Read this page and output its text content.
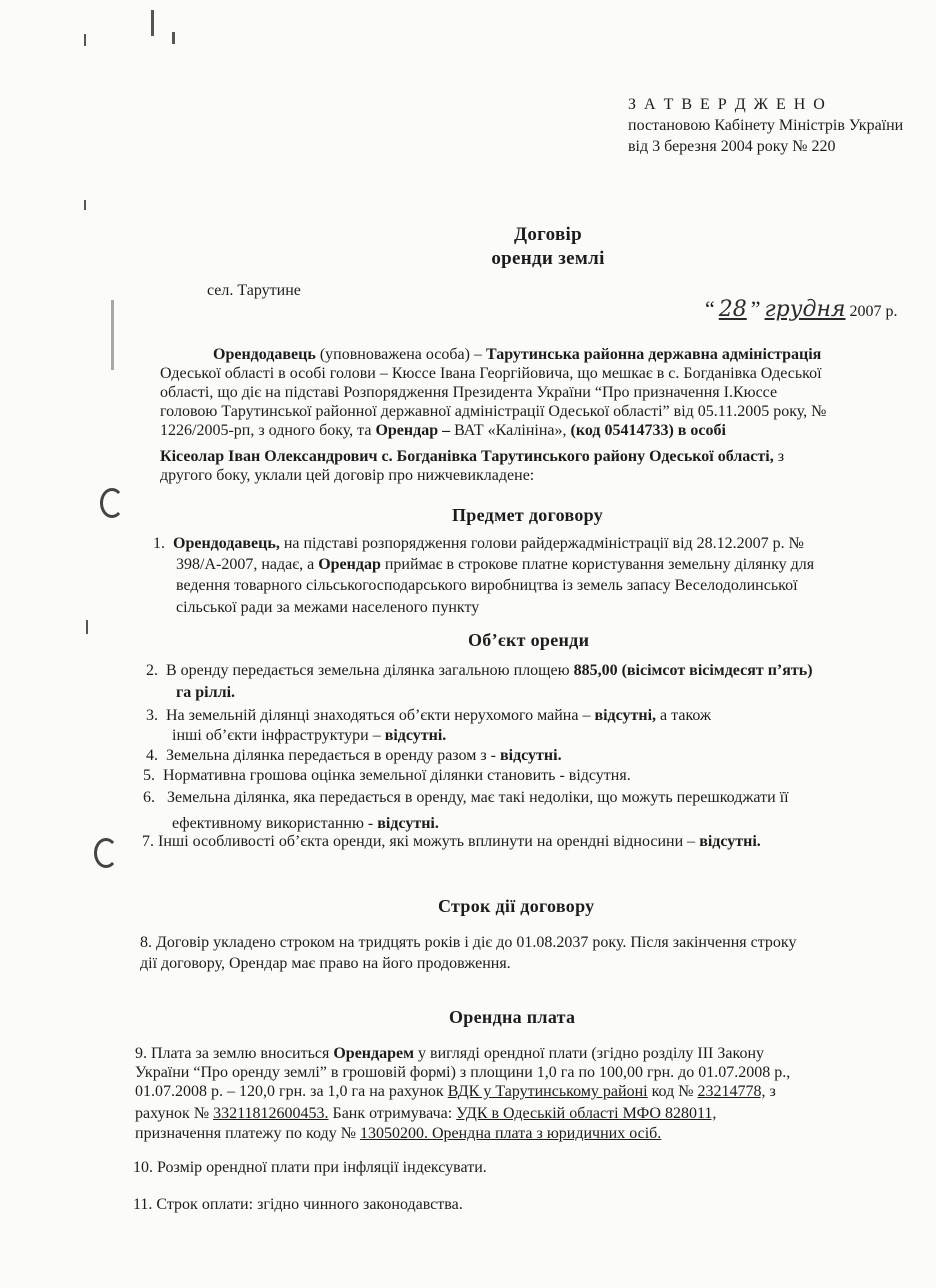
З А Т В Е Р Д Ж Е Н О
постановою Кабінету Міністрів України
від 3 березня 2004 року № 220
Договір
оренди землі
сел. Тарутине
“ 28 ” грудня 2007 р.
Орендодавець (уповноважена особа) – Тарутинська районна державна адміністрація
Одеської області в особі голови – Кюссе Івана Георгійовича, що мешкає в с. Богданівка Одеської
області, що діє на підставі Розпорядження Президента України “Про призначення І.Кюссе
головою Тарутинської районної державної адміністрації Одеської області” від 05.11.2005 року, №
1226/2005-рп, з одного боку, та Орендар – ВАТ «Калініна», (код 05414733) в особі
Кісеолар Іван Олександрович с. Богданівка Тарутинського району Одеської області, з
другого боку, уклали цей договір про нижчевикладене:
Предмет договору
1. Орендодавець, на підставі розпорядження голови райдержадміністрації від 28.12.2007 р. №
398/А-2007, надає, а Орендар приймає в строкове платне користування земельну ділянку для
ведення товарного сільськогосподарського виробництва із земель запасу Веселодолинської
сільської ради за межами населеного пункту
Об’єкт оренди
2. В оренду передається земельна ділянка загальною площею 885,00 (вісімсот вісімдесят п’ять)
га ріллі.
3. На земельній ділянці знаходяться об’єкти нерухомого майна – відсутні, а також
інші об’єкти інфраструктури – відсутні.
4. Земельна ділянка передається в оренду разом з - відсутні.
5. Нормативна грошова оцінка земельної ділянки становить - відсутня.
6. Земельна ділянка, яка передається в оренду, має такі недоліки, що можуть перешкоджати її
ефективному використанню - відсутні.
7. Інші особливості об’єкта оренди, які можуть вплинути на орендні відносини – відсутні.
Строк дії договору
8. Договір укладено строком на тридцять років і діє до 01.08.2037 року. Після закінчення строку
дії договору, Орендар має право на його продовження.
Орендна плата
9. Плата за землю вноситься Орендарем у вигляді орендної плати (згідно розділу ІІІ Закону
України “Про оренду землі” в грошовій формі) з площини 1,0 га по 100,00 грн. до 01.07.2008 р.,
01.07.2008 р. – 120,0 грн. за 1,0 га на рахунок ВДК у Тарутинському районі код № 23214778, з
рахунок № 33211812600453. Банк отримувача: УДК в Одеській області МФО 828011,
призначення платежу по коду № 13050200. Орендна плата з юридичних осіб.
10. Розмір орендної плати при інфляції індексувати.
11. Строк оплати: згідно чинного законодавства.
